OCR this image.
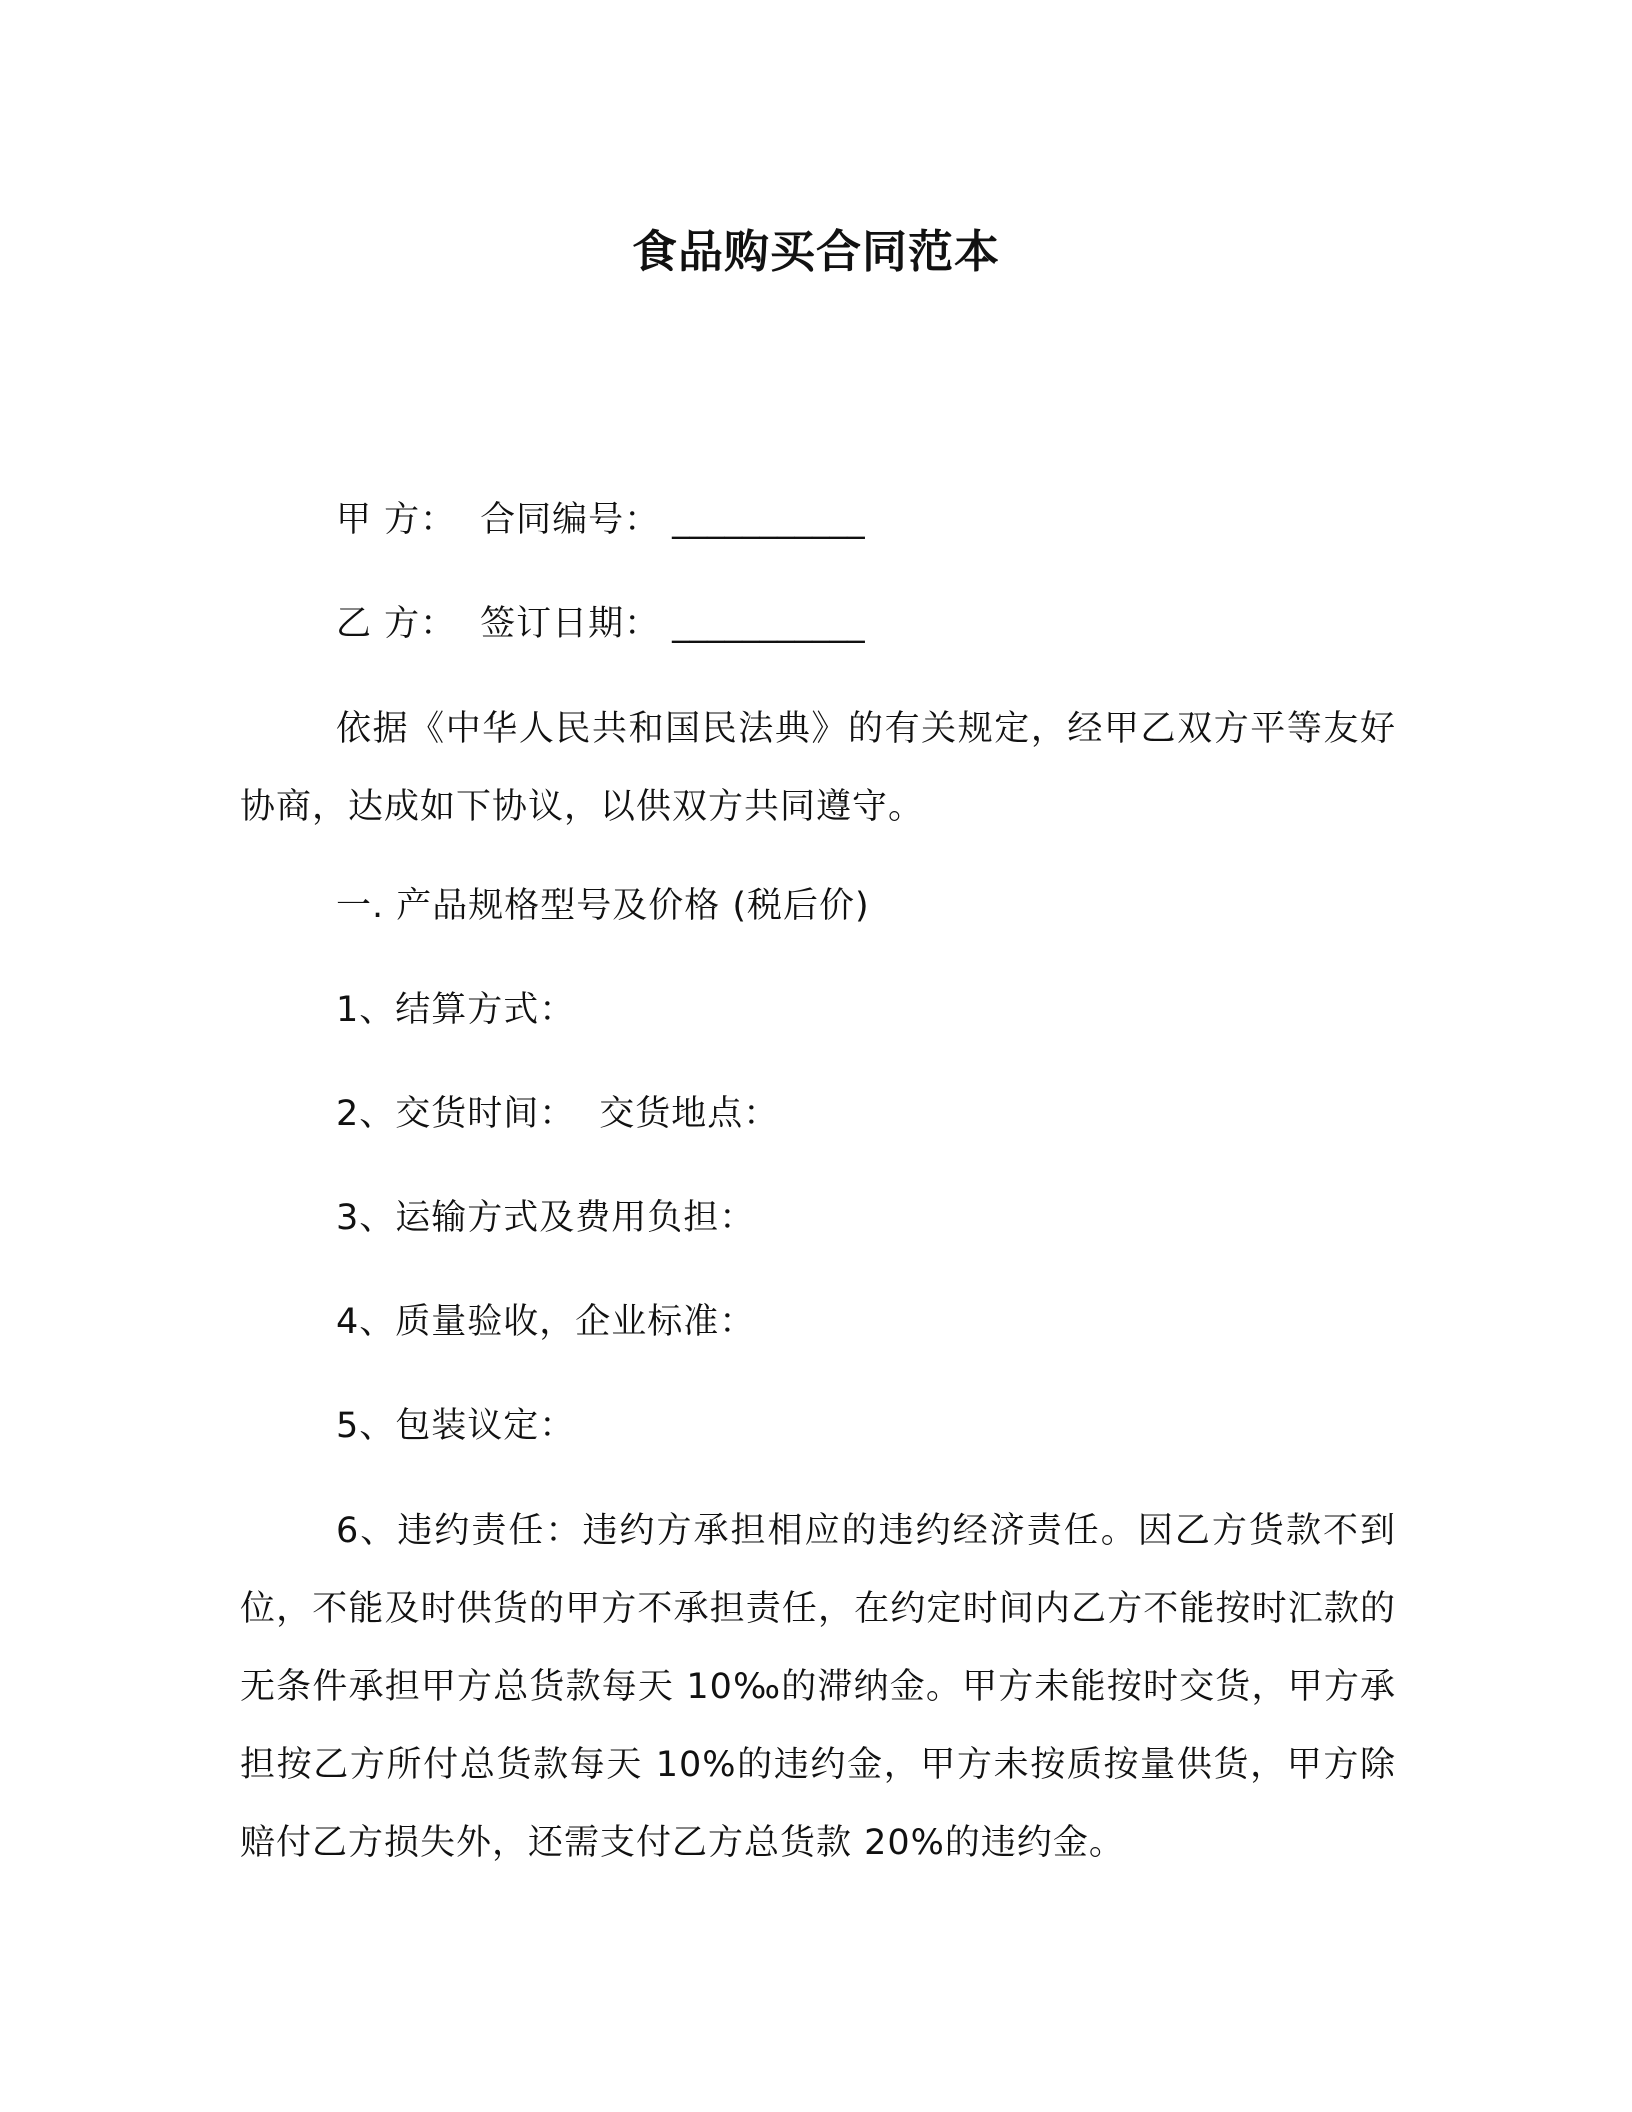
食品购买合同范本
甲 方： 合同编号： ___________
乙 方： 签订日期： ___________
依据《中华人民共和国民法典》的有关规定，经甲乙双方平等友好协商，达成如下协议，以供双方共同遵守。
一. 产品规格型号及价格 (税后价)
1、结算方式：
2、交货时间： 交货地点：
3、运输方式及费用负担：
4、质量验收，企业标准：
5、包装议定：
6、违约责任：违约方承担相应的违约经济责任。因乙方货款不到位，不能及时供货的甲方不承担责任，在约定时间内乙方不能按时汇款的无条件承担甲方总货款每天 10‰的滞纳金。甲方未能按时交货，甲方承担按乙方所付总货款每天 10%的违约金，甲方未按质按量供货，甲方除赔付乙方损失外，还需支付乙方总货款 20%的违约金。
